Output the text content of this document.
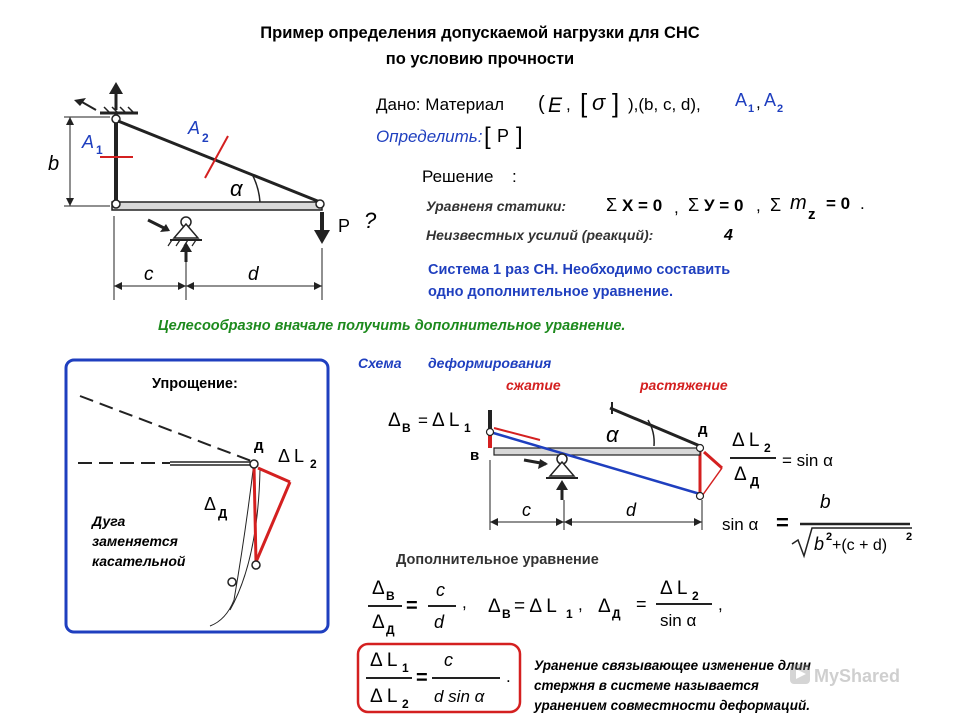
Пример определения допускаемой нагрузки для СНС
по условию прочности
A 1
A 2
α
P ?
b
c	d
Дано: Материал ( E , [ σ ] ),(b, c, d), A 1 , A 2
Определить: [ P ]
Решение :
Уравненя статики: Σ X = 0 , Σ У = 0 , Σ m
z
= 0 .
Неизвестных усилий (реакций):	4
Система 1 раз СН. Необходимо составить
одно дополнительное уравнение.
Целесообразно вначале получить дополнительное уравнение.
Упрощение:
д
Δ L 2
Δ Д
Дуга
заменяется
касательной
Схема деформирования
сжатие	растяжение
Δ В = Δ L 1	α
в
д
c	d
Δ L 2
Δ Д
= sin α
sin α =
b
b 2 +(c + d) 2
Дополнительное уравнение
Δ В
Δ Д
=
c
d
, Δ В = Δ L 1 , Δ Д =
Δ L 2
sin α
,
Δ L 1
Δ L 2
=
c
d sin α
.
Уранение связывающее изменение длин
стержня в системе называется
уранением совместности деформаций.
MyShared
